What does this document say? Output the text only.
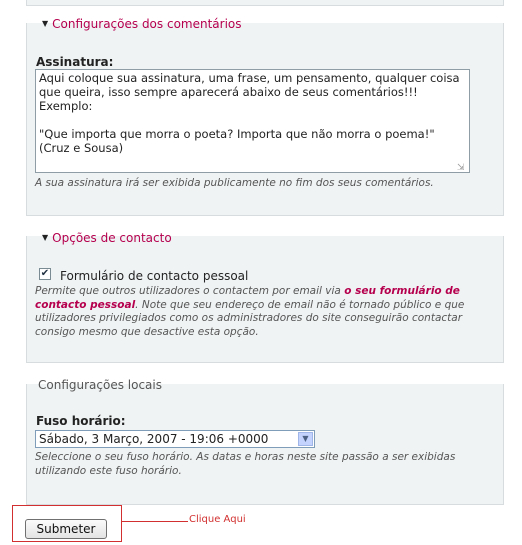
▼ Configurações dos comentários
Assinatura:
Aqui coloque sua assinatura, uma frase, um pensamento, qualquer coisa que queira, isso sempre aparecerá abaixo de seus comentários!!! Exemplo: "Que importa que morra o poeta? Importa que não morra o poema!" (Cruz e Sousa)
⇲
A sua assinatura irá ser exibida publicamente no fim dos seus comentários.
▼ Opções de contacto
✔ Formulário de contacto pessoal
Permite que outros utilizadores o contactem por email via o seu formulário de contacto pessoal. Note que seu endereço de email não é tornado público e que utilizadores privilegiados como os administradores do site conseguirão contactar consigo mesmo que desactive esta opção.
Configurações locais
Fuso horário:
Sábado, 3 Março, 2007 - 19:06 +0000	▼
Seleccione o seu fuso horário. As datas e horas neste site passão a ser exibidas utilizando este fuso horário.
Clique Aqui
Submeter
